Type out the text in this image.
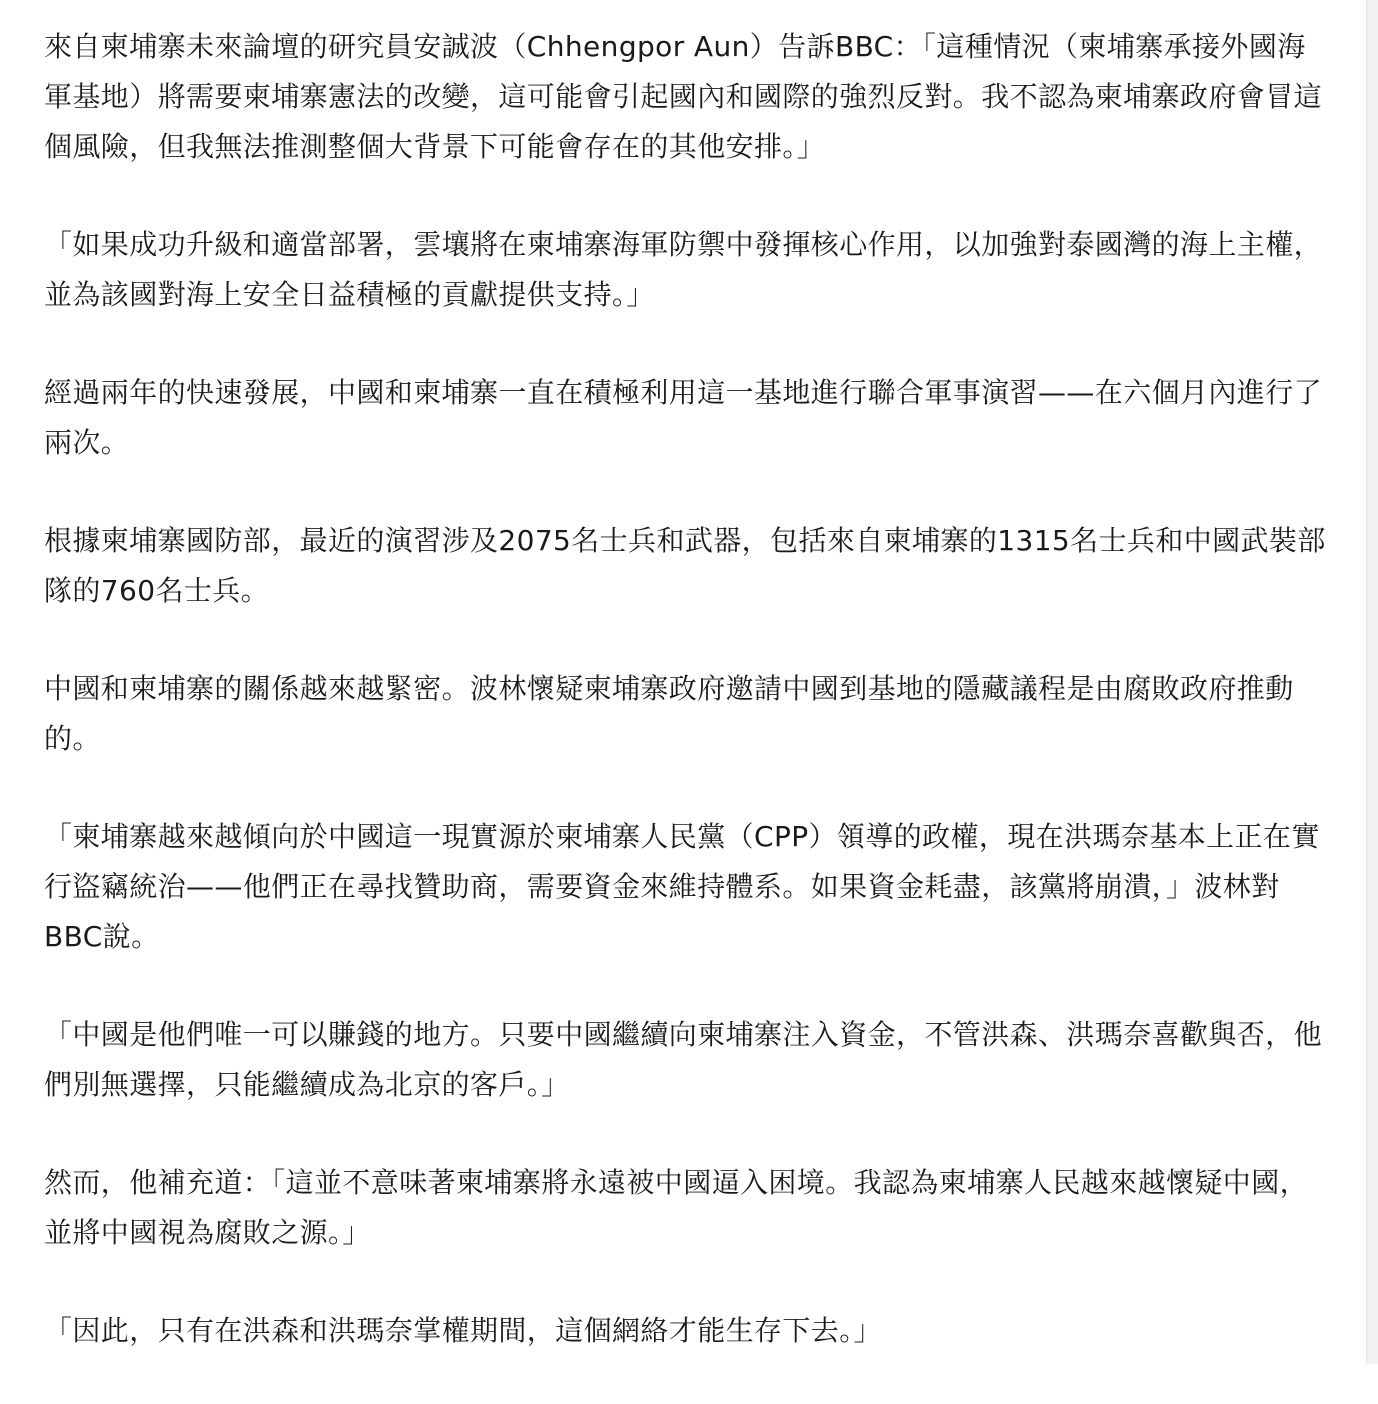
來自柬埔寨未來論壇的研究員安誠波（Chhengpor Aun）告訴BBC：「這種情況（柬埔寨承接外國海軍基地）將需要柬埔寨憲法的改變，這可能會引起國內和國際的強烈反對。我不認為柬埔寨政府會冒這個風險，但我無法推測整個大背景下可能會存在的其他安排。」

「如果成功升級和適當部署，雲壤將在柬埔寨海軍防禦中發揮核心作用，以加強對泰國灣的海上主權，並為該國對海上安全日益積極的貢獻提供支持。」

經過兩年的快速發展，中國和柬埔寨一直在積極利用這一基地進行聯合軍事演習——在六個月內進行了兩次。

根據柬埔寨國防部，最近的演習涉及2075名士兵和武器，包括來自柬埔寨的1315名士兵和中國武裝部隊的760名士兵。

中國和柬埔寨的關係越來越緊密。波林懷疑柬埔寨政府邀請中國到基地的隱藏議程是由腐敗政府推動的。

「柬埔寨越來越傾向於中國這一現實源於柬埔寨人民黨（CPP）領導的政權，現在洪瑪奈基本上正在實行盜竊統治——他們正在尋找贊助商，需要資金來維持體系。如果資金耗盡，該黨將崩潰，」波林對BBC說。

「中國是他們唯一可以賺錢的地方。只要中國繼續向柬埔寨注入資金，不管洪森、洪瑪奈喜歡與否，他們別無選擇，只能繼續成為北京的客戶。」

然而，他補充道：「這並不意味著柬埔寨將永遠被中國逼入困境。我認為柬埔寨人民越來越懷疑中國，並將中國視為腐敗之源。」

「因此，只有在洪森和洪瑪奈掌權期間，這個網絡才能生存下去。」
